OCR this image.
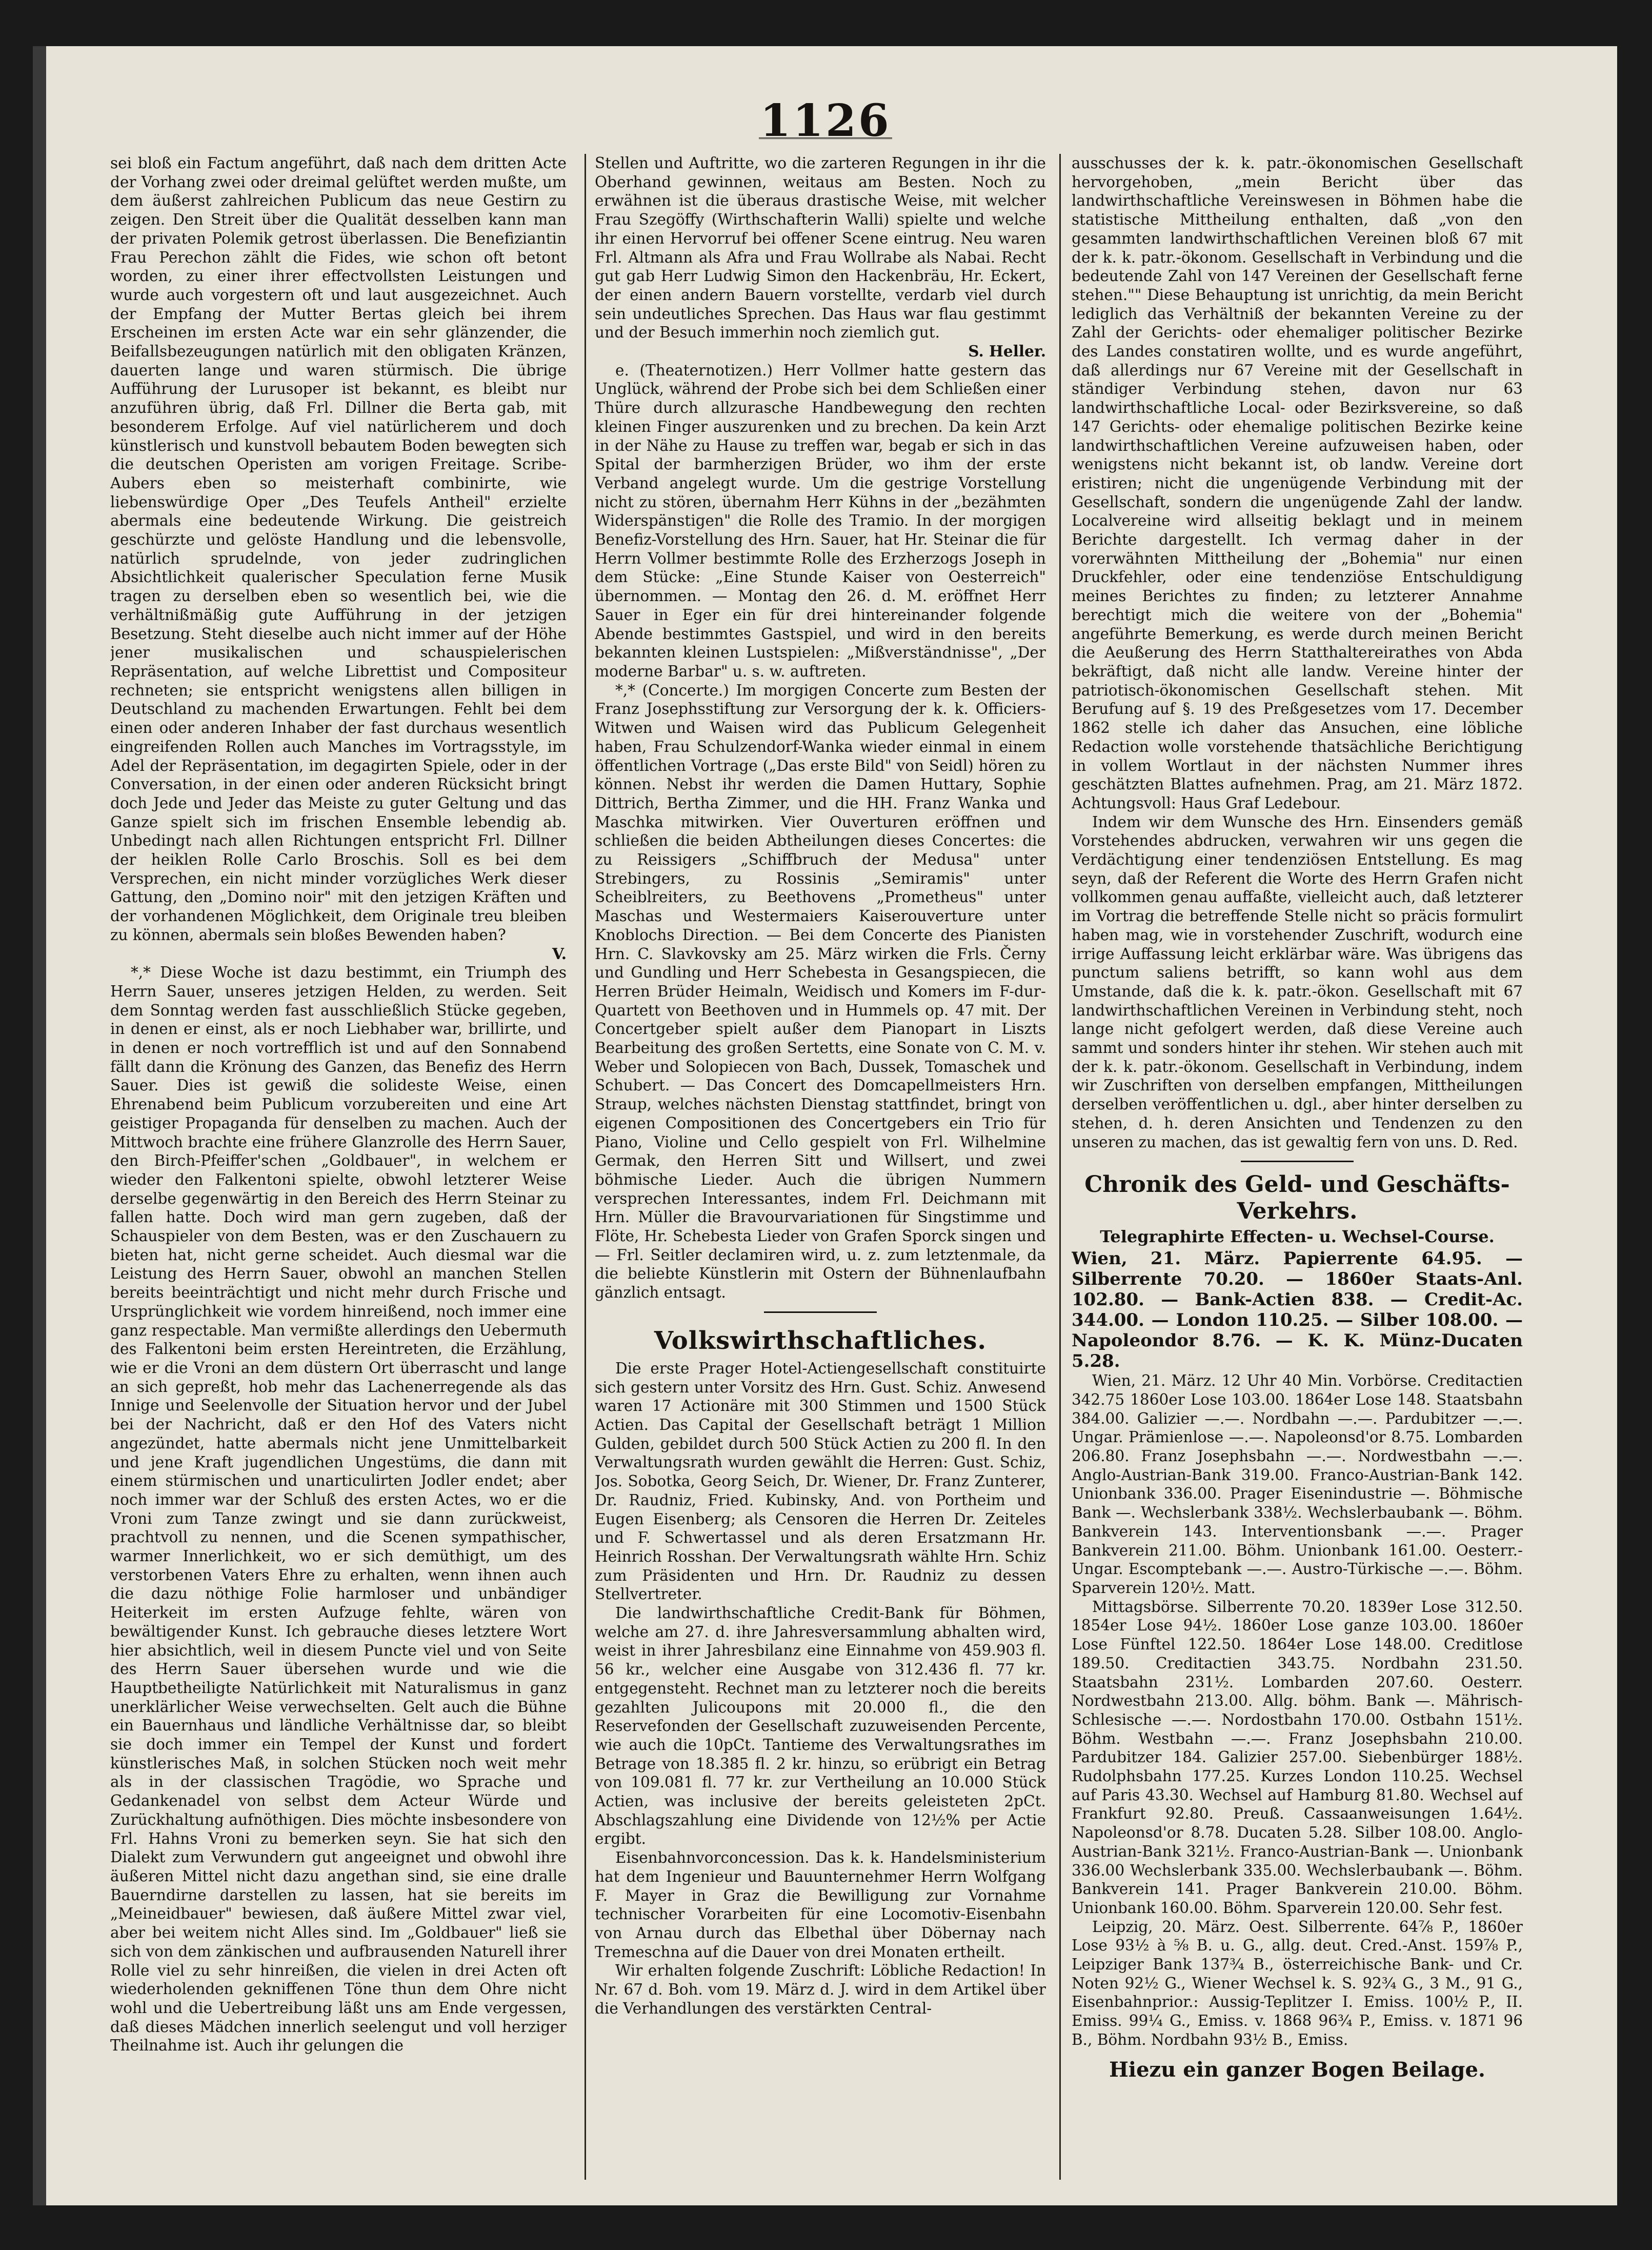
1126

sei bloß ein Factum angeführt, daß nach dem dritten Acte der Vorhang zwei oder dreimal gelüftet werden mußte, um dem äußerst zahlreichen Publicum das neue Gestirn zu zeigen. Den Streit über die Qualität desselben kann man der privaten Polemik getrost überlassen. Die Benefiziantin Frau Perechon zählt die Fides, wie schon oft betont worden, zu einer ihrer effectvollsten Leistungen und wurde auch vorgestern oft und laut ausgezeichnet. Auch der Empfang der Mutter Bertas gleich bei ihrem Erscheinen im ersten Acte war ein sehr glänzender, die Beifallsbezeugungen natürlich mit den obligaten Kränzen, dauerten lange und waren stürmisch. Die übrige Aufführung der Lurusoper ist bekannt, es bleibt nur anzuführen übrig, daß Frl. Dillner die Berta gab, mit besonderem Erfolge. Auf viel natürlicherem und doch künstlerisch und kunstvoll bebautem Boden bewegten sich die deutschen Operisten am vorigen Freitage. Scribe-Aubers eben so meisterhaft combinirte, wie liebenswürdige Oper „Des Teufels Antheil" erzielte abermals eine bedeutende Wirkung. Die geistreich geschürzte und gelöste Handlung und die lebensvolle, natürlich sprudelnde, von jeder zudringlichen Absichtlichkeit qualerischer Speculation ferne Musik tragen zu derselben eben so wesentlich bei, wie die verhältnißmäßig gute Aufführung in der jetzigen Besetzung. Steht dieselbe auch nicht immer auf der Höhe jener musikalischen und schauspielerischen Repräsentation, auf welche Librettist und Compositeur rechneten; sie entspricht wenigstens allen billigen in Deutschland zu machenden Erwartungen. Fehlt bei dem einen oder anderen Inhaber der fast durchaus wesentlich eingreifenden Rollen auch Manches im Vortragsstyle, im Adel der Repräsentation, im degagirten Spiele, oder in der Conversation, in der einen oder anderen Rücksicht bringt doch Jede und Jeder das Meiste zu guter Geltung und das Ganze spielt sich im frischen Ensemble lebendig ab. Unbedingt nach allen Richtungen entspricht Frl. Dillner der heiklen Rolle Carlo Broschis. Soll es bei dem Versprechen, ein nicht minder vorzügliches Werk dieser Gattung, den „Domino noir" mit den jetzigen Kräften und der vorhandenen Möglichkeit, dem Originale treu bleiben zu können, abermals sein bloßes Bewenden haben?

V.

*,* Diese Woche ist dazu bestimmt, ein Triumph des Herrn Sauer, unseres jetzigen Helden, zu werden. Seit dem Sonntag werden fast ausschließlich Stücke gegeben, in denen er einst, als er noch Liebhaber war, brillirte, und in denen er noch vortrefflich ist und auf den Sonnabend fällt dann die Krönung des Ganzen, das Benefiz des Herrn Sauer. Dies ist gewiß die solideste Weise, einen Ehrenabend beim Publicum vorzubereiten und eine Art geistiger Propaganda für denselben zu machen. Auch der Mittwoch brachte eine frühere Glanzrolle des Herrn Sauer, den Birch-Pfeiffer'schen „Goldbauer", in welchem er wieder den Falkentoni spielte, obwohl letzterer Weise derselbe gegenwärtig in den Bereich des Herrn Steinar zu fallen hatte. Doch wird man gern zugeben, daß der Schauspieler von dem Besten, was er den Zuschauern zu bieten hat, nicht gerne scheidet. Auch diesmal war die Leistung des Herrn Sauer, obwohl an manchen Stellen bereits beeinträchtigt und nicht mehr durch Frische und Ursprünglichkeit wie vordem hinreißend, noch immer eine ganz respectable. Man vermißte allerdings den Uebermuth des Falkentoni beim ersten Hereintreten, die Erzählung, wie er die Vroni an dem düstern Ort überrascht und lange an sich gepreßt, hob mehr das Lachenerregende als das Innige und Seelenvolle der Situation hervor und der Jubel bei der Nachricht, daß er den Hof des Vaters nicht angezündet, hatte abermals nicht jene Unmittelbarkeit und jene Kraft jugendlichen Ungestüms, die dann mit einem stürmischen und unarticulirten Jodler endet; aber noch immer war der Schluß des ersten Actes, wo er die Vroni zum Tanze zwingt und sie dann zurückweist, prachtvoll zu nennen, und die Scenen sympathischer, warmer Innerlichkeit, wo er sich demüthigt, um des verstorbenen Vaters Ehre zu erhalten, wenn ihnen auch die dazu nöthige Folie harmloser und unbändiger Heiterkeit im ersten Aufzuge fehlte, wären von bewältigender Kunst. Ich gebrauche dieses letztere Wort hier absichtlich, weil in diesem Puncte viel und von Seite des Herrn Sauer übersehen wurde und wie die Hauptbetheiligte Natürlichkeit mit Naturalismus in ganz unerklärlicher Weise verwechselten. Gelt auch die Bühne ein Bauernhaus und ländliche Verhältnisse dar, so bleibt sie doch immer ein Tempel der Kunst und fordert künstlerisches Maß, in solchen Stücken noch weit mehr als in der classischen Tragödie, wo Sprache und Gedankenadel von selbst dem Acteur Würde und Zurückhaltung aufnöthigen. Dies möchte insbesondere von Frl. Hahns Vroni zu bemerken seyn. Sie hat sich den Dialekt zum Verwundern gut angeeignet und obwohl ihre äußeren Mittel nicht dazu angethan sind, sie eine dralle Bauerndirne darstellen zu lassen, hat sie bereits im „Meineidbauer" bewiesen, daß äußere Mittel zwar viel, aber bei weitem nicht Alles sind. Im „Goldbauer" ließ sie sich von dem zänkischen und aufbrausenden Naturell ihrer Rolle viel zu sehr hinreißen, die vielen in drei Acten oft wiederholenden gekniffenen Töne thun dem Ohre nicht wohl und die Uebertreibung läßt uns am Ende vergessen, daß dieses Mädchen innerlich seelengut und voll herziger Theilnahme ist. Auch ihr gelungen die

Stellen und Auftritte, wo die zarteren Regungen in ihr die Oberhand gewinnen, weitaus am Besten. Noch zu erwähnen ist die überaus drastische Weise, mit welcher Frau Szegöffy (Wirthschafterin Walli) spielte und welche ihr einen Hervorruf bei offener Scene eintrug. Neu waren Frl. Altmann als Afra und Frau Wollrabe als Nabai. Recht gut gab Herr Ludwig Simon den Hackenbräu, Hr. Eckert, der einen andern Bauern vorstellte, verdarb viel durch sein undeutliches Sprechen. Das Haus war flau gestimmt und der Besuch immerhin noch ziemlich gut.

S. Heller.

e. (Theaternotizen.) Herr Vollmer hatte gestern das Unglück, während der Probe sich bei dem Schließen einer Thüre durch allzurasche Handbewegung den rechten kleinen Finger auszurenken und zu brechen. Da kein Arzt in der Nähe zu Hause zu treffen war, begab er sich in das Spital der barmherzigen Brüder, wo ihm der erste Verband angelegt wurde. Um die gestrige Vorstellung nicht zu stören, übernahm Herr Kühns in der „bezähmten Widerspänstigen" die Rolle des Tramio. In der morgigen Benefiz-Vorstellung des Hrn. Sauer, hat Hr. Steinar die für Herrn Vollmer bestimmte Rolle des Erzherzogs Joseph in dem Stücke: „Eine Stunde Kaiser von Oesterreich" übernommen. — Montag den 26. d. M. eröffnet Herr Sauer in Eger ein für drei hintereinander folgende Abende bestimmtes Gastspiel, und wird in den bereits bekannten kleinen Lustspielen: „Mißverständnisse", „Der moderne Barbar" u. s. w. auftreten.

*,* (Concerte.) Im morgigen Concerte zum Besten der Franz Josephsstiftung zur Versorgung der k. k. Officiers-Witwen und Waisen wird das Publicum Gelegenheit haben, Frau Schulzendorf-Wanka wieder einmal in einem öffentlichen Vortrage („Das erste Bild" von Seidl) hören zu können. Nebst ihr werden die Damen Huttary, Sophie Dittrich, Bertha Zimmer, und die HH. Franz Wanka und Maschka mitwirken. Vier Ouverturen eröffnen und schließen die beiden Abtheilungen dieses Concertes: die zu Reissigers „Schiffbruch der Medusa" unter Strebingers, zu Rossinis „Semiramis" unter Scheiblreiters, zu Beethovens „Prometheus" unter Maschas und Westermaiers Kaiserouverture unter Knoblochs Direction. — Bei dem Concerte des Pianisten Hrn. C. Slavkovsky am 25. März wirken die Frls. Černy und Gundling und Herr Schebesta in Gesangspiecen, die Herren Brüder Heimaln, Weidisch und Komers im F-dur-Quartett von Beethoven und in Hummels op. 47 mit. Der Concertgeber spielt außer dem Pianopart in Liszts Bearbeitung des großen Sertetts, eine Sonate von C. M. v. Weber und Solopiecen von Bach, Dussek, Tomaschek und Schubert. — Das Concert des Domcapellmeisters Hrn. Straup, welches nächsten Dienstag stattfindet, bringt von eigenen Compositionen des Concertgebers ein Trio für Piano, Violine und Cello gespielt von Frl. Wilhelmine Germak, den Herren Sitt und Willsert, und zwei böhmische Lieder. Auch die übrigen Nummern versprechen Interessantes, indem Frl. Deichmann mit Hrn. Müller die Bravourvariationen für Singstimme und Flöte, Hr. Schebesta Lieder von Grafen Sporck singen und — Frl. Seitler declamiren wird, u. z. zum letztenmale, da die beliebte Künstlerin mit Ostern der Bühnenlaufbahn gänzlich entsagt.

Volkswirthschaftliches.

Die erste Prager Hotel-Actiengesellschaft constituirte sich gestern unter Vorsitz des Hrn. Gust. Schiz. Anwesend waren 17 Actionäre mit 300 Stimmen und 1500 Stück Actien. Das Capital der Gesellschaft beträgt 1 Million Gulden, gebildet durch 500 Stück Actien zu 200 fl. In den Verwaltungsrath wurden gewählt die Herren: Gust. Schiz, Jos. Sobotka, Georg Seich, Dr. Wiener, Dr. Franz Zunterer, Dr. Raudniz, Fried. Kubinsky, And. von Portheim und Eugen Eisenberg; als Censoren die Herren Dr. Zeiteles und F. Schwertassel und als deren Ersatzmann Hr. Heinrich Rosshan. Der Verwaltungsrath wählte Hrn. Schiz zum Präsidenten und Hrn. Dr. Raudniz zu dessen Stellvertreter.

Die landwirthschaftliche Credit-Bank für Böhmen, welche am 27. d. ihre Jahresversammlung abhalten wird, weist in ihrer Jahresbilanz eine Einnahme von 459.903 fl. 56 kr., welcher eine Ausgabe von 312.436 fl. 77 kr. entgegensteht. Rechnet man zu letzterer noch die bereits gezahlten Julicoupons mit 20.000 fl., die den Reservefonden der Gesellschaft zuzuweisenden Percente, wie auch die 10pCt. Tantieme des Verwaltungsrathes im Betrage von 18.385 fl. 2 kr. hinzu, so erübrigt ein Betrag von 109.081 fl. 77 kr. zur Vertheilung an 10.000 Stück Actien, was inclusive der bereits geleisteten 2pCt. Abschlagszahlung eine Dividende von 12½% per Actie ergibt.

Eisenbahnvorconcession. Das k. k. Handelsministerium hat dem Ingenieur und Bauunternehmer Herrn Wolfgang F. Mayer in Graz die Bewilligung zur Vornahme technischer Vorarbeiten für eine Locomotiv-Eisenbahn von Arnau durch das Elbethal über Döbernay nach Tremeschna auf die Dauer von drei Monaten ertheilt.

Wir erhalten folgende Zuschrift: Löbliche Redaction! In Nr. 67 d. Boh. vom 19. März d. J. wird in dem Artikel über die Verhandlungen des verstärkten Central-

ausschusses der k. k. patr.-ökonomischen Gesellschaft hervorgehoben, „mein Bericht über das landwirthschaftliche Vereinswesen in Böhmen habe die statistische Mittheilung enthalten, daß „von den gesammten landwirthschaftlichen Vereinen bloß 67 mit der k. k. patr.-ökonom. Gesellschaft in Verbindung und die bedeutende Zahl von 147 Vereinen der Gesellschaft ferne stehen."" Diese Behauptung ist unrichtig, da mein Bericht lediglich das Verhältniß der bekannten Vereine zu der Zahl der Gerichts- oder ehemaliger politischer Bezirke des Landes constatiren wollte, und es wurde angeführt, daß allerdings nur 67 Vereine mit der Gesellschaft in ständiger Verbindung stehen, davon nur 63 landwirthschaftliche Local- oder Bezirksvereine, so daß 147 Gerichts- oder ehemalige politischen Bezirke keine landwirthschaftlichen Vereine aufzuweisen haben, oder wenigstens nicht bekannt ist, ob landw. Vereine dort eristiren; nicht die ungenügende Verbindung mit der Gesellschaft, sondern die ungenügende Zahl der landw. Localvereine wird allseitig beklagt und in meinem Berichte dargestellt. Ich vermag daher in der vorerwähnten Mittheilung der „Bohemia" nur einen Druckfehler, oder eine tendenziöse Entschuldigung meines Berichtes zu finden; zu letzterer Annahme berechtigt mich die weitere von der „Bohemia" angeführte Bemerkung, es werde durch meinen Bericht die Aeußerung des Herrn Statthaltereirathes von Abda bekräftigt, daß nicht alle landw. Vereine hinter der patriotisch-ökonomischen Gesellschaft stehen. Mit Berufung auf §. 19 des Preßgesetzes vom 17. December 1862 stelle ich daher das Ansuchen, eine löbliche Redaction wolle vorstehende thatsächliche Berichtigung in vollem Wortlaut in der nächsten Nummer ihres geschätzten Blattes aufnehmen. Prag, am 21. März 1872. Achtungsvoll: Haus Graf Ledebour.

Indem wir dem Wunsche des Hrn. Einsenders gemäß Vorstehendes abdrucken, verwahren wir uns gegen die Verdächtigung einer tendenziösen Entstellung. Es mag seyn, daß der Referent die Worte des Herrn Grafen nicht vollkommen genau auffaßte, vielleicht auch, daß letzterer im Vortrag die betreffende Stelle nicht so präcis formulirt haben mag, wie in vorstehender Zuschrift, wodurch eine irrige Auffassung leicht erklärbar wäre. Was übrigens das punctum saliens betrifft, so kann wohl aus dem Umstande, daß die k. k. patr.-ökon. Gesellschaft mit 67 landwirthschaftlichen Vereinen in Verbindung steht, noch lange nicht gefolgert werden, daß diese Vereine auch sammt und sonders hinter ihr stehen. Wir stehen auch mit der k. k. patr.-ökonom. Gesellschaft in Verbindung, indem wir Zuschriften von derselben empfangen, Mittheilungen derselben veröffentlichen u. dgl., aber hinter derselben zu stehen, d. h. deren Ansichten und Tendenzen zu den unseren zu machen, das ist gewaltig fern von uns. D. Red.

Chronik des Geld- und Geschäfts-Verkehrs.
Telegraphirte Effecten- u. Wechsel-Course.

Wien, 21. März. Papierrente 64.95. — Silberrente 70.20. — 1860er Staats-Anl. 102.80. — Bank-Actien 838. — Credit-Ac. 344.00. — London 110.25. — Silber 108.00. — Napoleondor 8.76. — K. K. Münz-Ducaten 5.28.

Wien, 21. März. 12 Uhr 40 Min. Vorbörse. Creditactien 342.75 1860er Lose 103.00. 1864er Lose 148. Staatsbahn 384.00. Galizier —.—. Nordbahn —.—. Pardubitzer —.—. Ungar. Prämienlose —.—. Napoleonsd'or 8.75. Lombarden 206.80. Franz Josephsbahn —.—. Nordwestbahn —.—. Anglo-Austrian-Bank 319.00. Franco-Austrian-Bank 142. Unionbank 336.00. Prager Eisenindustrie —. Böhmische Bank —. Wechslerbank 338½. Wechslerbaubank —. Böhm. Bankverein 143. Interventionsbank —.—. Prager Bankverein 211.00. Böhm. Unionbank 161.00. Oesterr.-Ungar. Escomptebank —.—. Austro-Türkische —.—. Böhm. Sparverein 120½. Matt.

Mittagsbörse. Silberrente 70.20. 1839er Lose 312.50. 1854er Lose 94½. 1860er Lose ganze 103.00. 1860er Lose Fünftel 122.50. 1864er Lose 148.00. Creditlose 189.50. Creditactien 343.75. Nordbahn 231.50. Staatsbahn 231½. Lombarden 207.60. Oesterr. Nordwestbahn 213.00. Allg. böhm. Bank —. Mährisch-Schlesische —.—. Nordostbahn 170.00. Ostbahn 151½. Böhm. Westbahn —.—. Franz Josephsbahn 210.00. Pardubitzer 184. Galizier 257.00. Siebenbürger 188½. Rudolphsbahn 177.25. Kurzes London 110.25. Wechsel auf Paris 43.30. Wechsel auf Hamburg 81.80. Wechsel auf Frankfurt 92.80. Preuß. Cassaanweisungen 1.64½. Napoleonsd'or 8.78. Ducaten 5.28. Silber 108.00. Anglo-Austrian-Bank 321½. Franco-Austrian-Bank —. Unionbank 336.00 Wechslerbank 335.00. Wechslerbaubank —. Böhm. Bankverein 141. Prager Bankverein 210.00. Böhm. Unionbank 160.00. Böhm. Sparverein 120.00. Sehr fest.

Leipzig, 20. März. Oest. Silberrente. 64⅞ P., 1860er Lose 93½ à ⅝ B. u. G., allg. deut. Cred.-Anst. 159⅞ P., Leipziger Bank 137¾ B., österreichische Bank- und Cr. Noten 92½ G., Wiener Wechsel k. S. 92¾ G., 3 M., 91 G., Eisenbahnprior.: Aussig-Teplitzer I. Emiss. 100½ P., II. Emiss. 99¼ G., Emiss. v. 1868 96¾ P., Emiss. v. 1871 96 B., Böhm. Nordbahn 93½ B., Emiss.

Hiezu ein ganzer Bogen Beilage.
